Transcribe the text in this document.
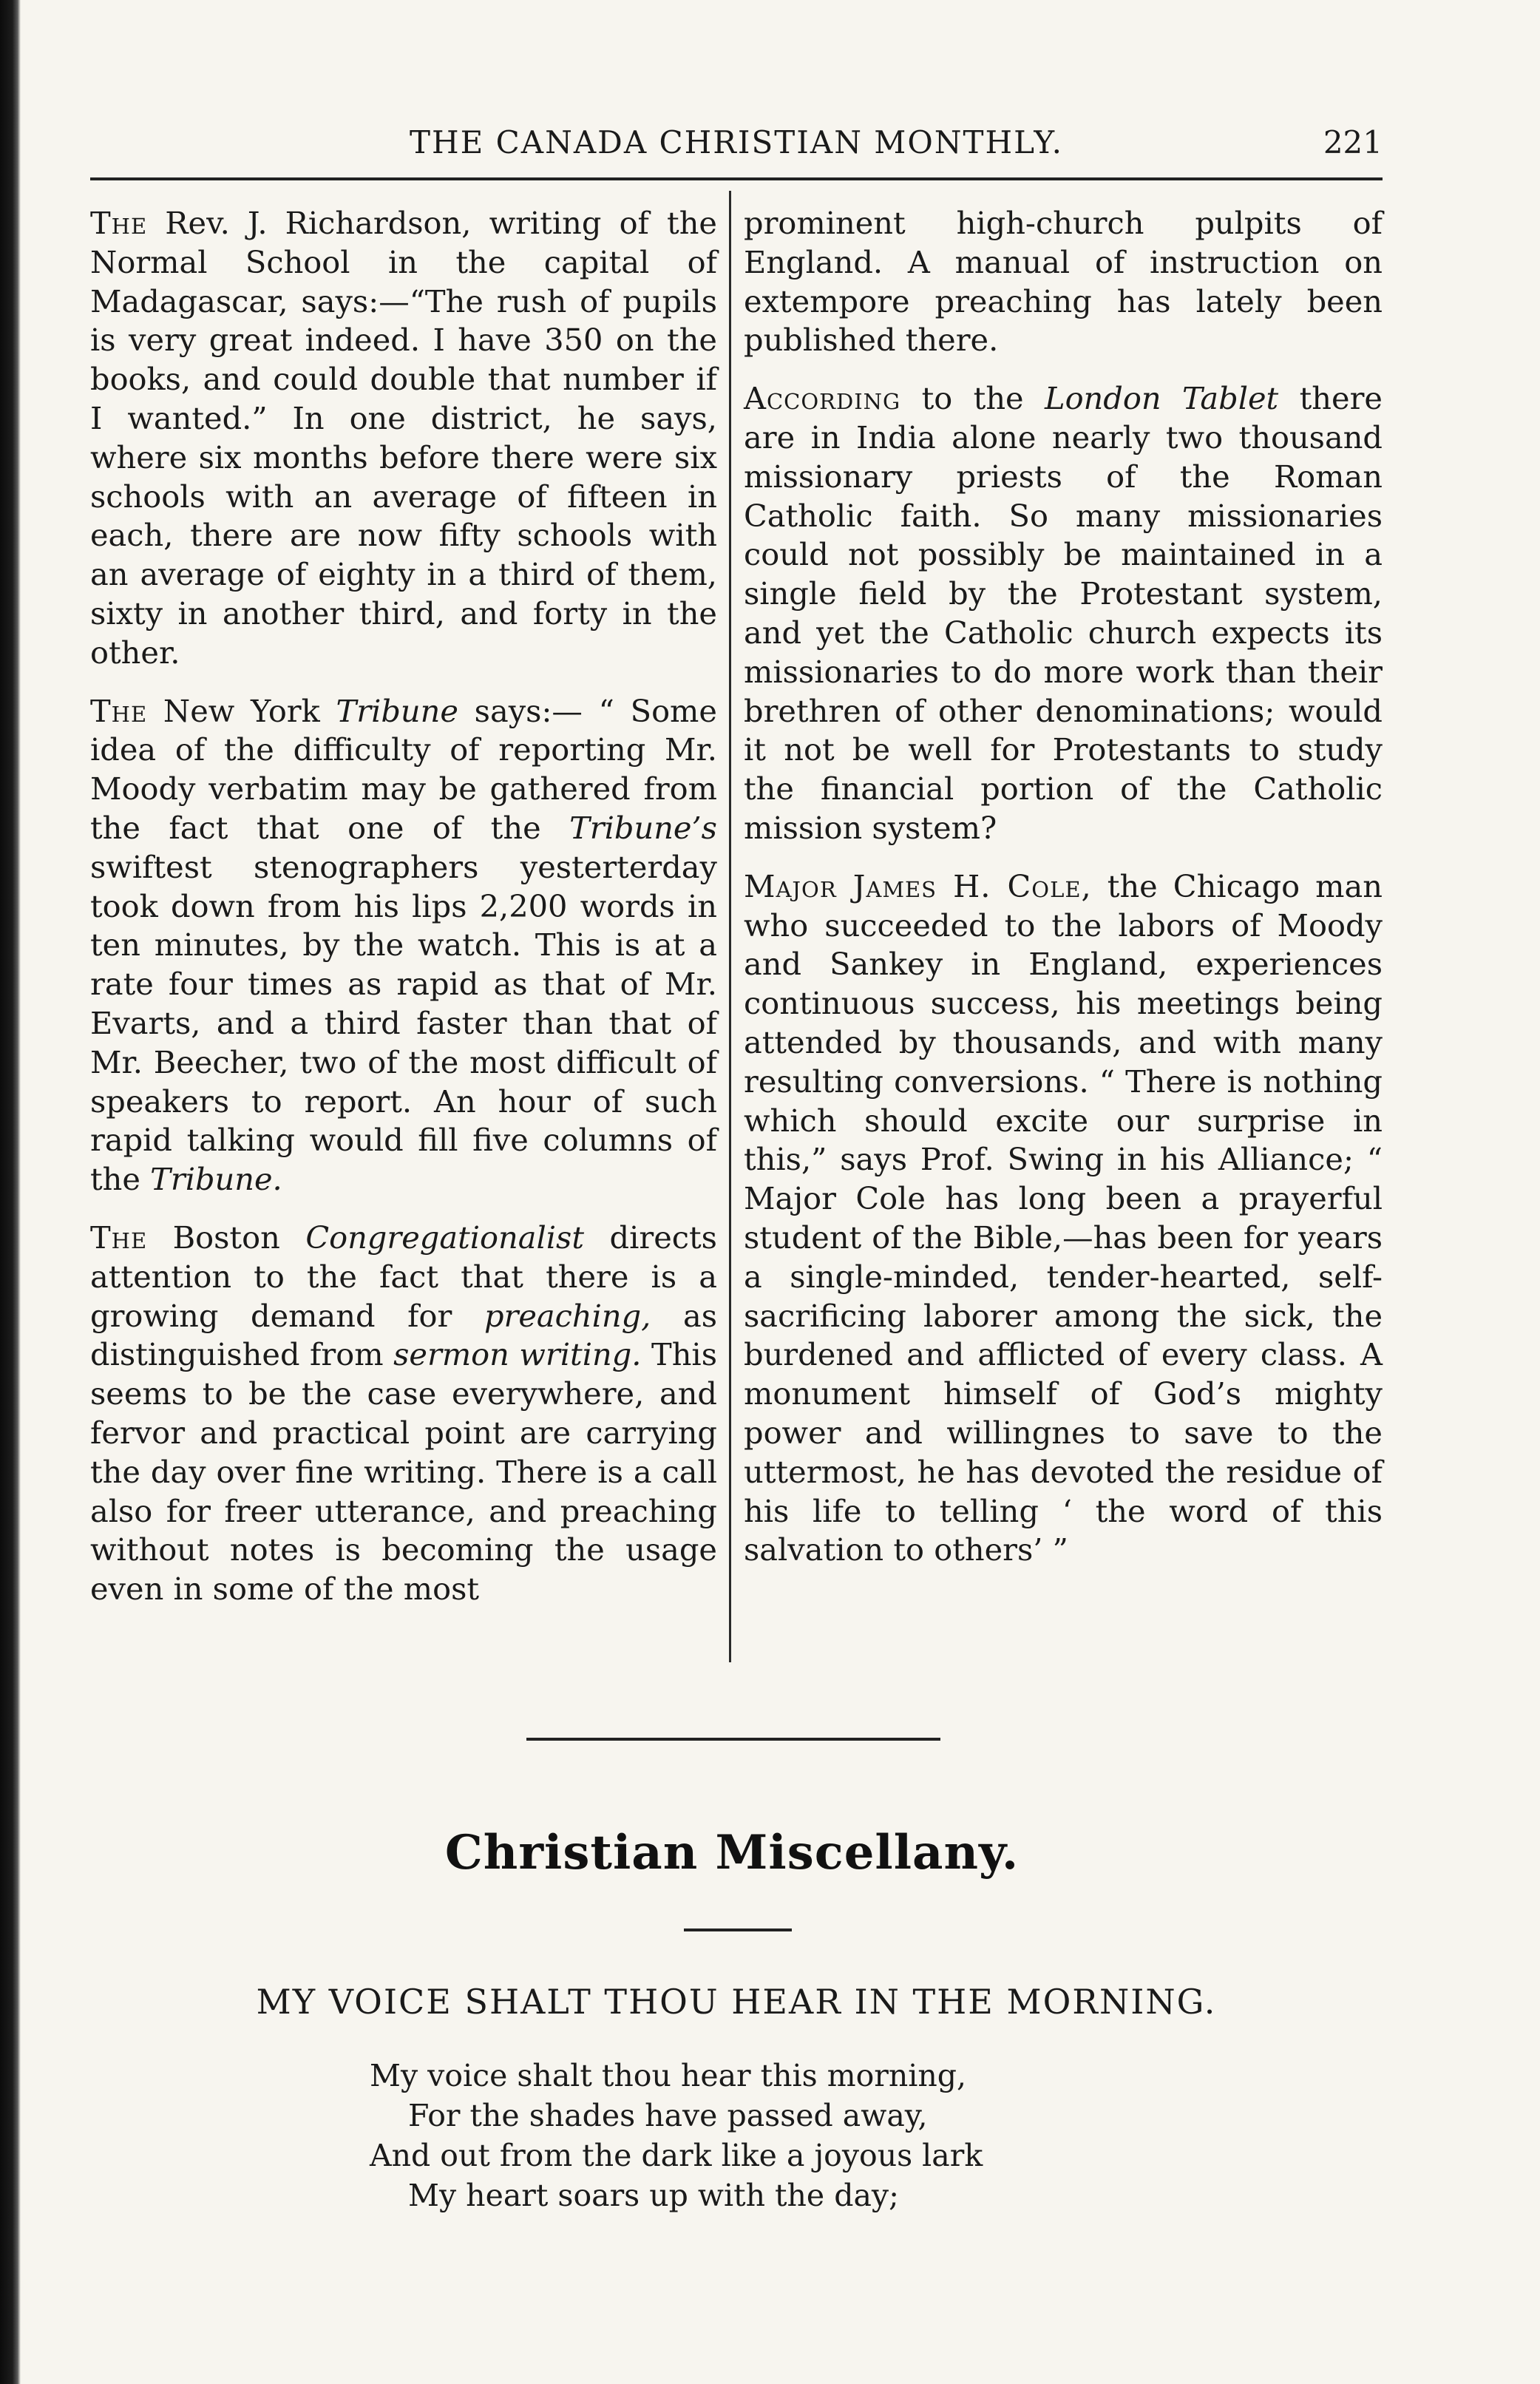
THE CANADA CHRISTIAN MONTHLY.	221

The Rev. J. Richardson, writing of the Normal School in the capital of Madagascar, says:—“The rush of pupils is very great indeed. I have 350 on the books, and could double that number if I wanted.” In one district, he says, where six months before there were six schools with an average of fifteen in each, there are now fifty schools with an average of eighty in a third of them, sixty in another third, and forty in the other.

The New York Tribune says:— “ Some idea of the difficulty of reporting Mr. Moody verbatim may be gathered from the fact that one of the Tribune’s swiftest stenographers yesterterday took down from his lips 2,200 words in ten minutes, by the watch. This is at a rate four times as rapid as that of Mr. Evarts, and a third faster than that of Mr. Beecher, two of the most difficult of speakers to report. An hour of such rapid talking would fill five columns of the Tribune.

The Boston Congregationalist directs attention to the fact that there is a growing demand for preaching, as distinguished from sermon writing. This seems to be the case everywhere, and fervor and practical point are carrying the day over fine writing. There is a call also for freer utterance, and preaching without notes is becoming the usage even in some of the most

prominent high-church pulpits of England. A manual of instruction on extempore preaching has lately been published there.

According to the London Tablet there are in India alone nearly two thousand missionary priests of the Roman Catholic faith. So many missionaries could not possibly be maintained in a single field by the Protestant system, and yet the Catholic church expects its missionaries to do more work than their brethren of other denominations; would it not be well for Protestants to study the financial portion of the Catholic mission system?

Major James H. Cole, the Chicago man who succeeded to the labors of Moody and Sankey in England, experiences continuous success, his meetings being attended by thousands, and with many resulting conversions. “ There is nothing which should excite our surprise in this,” says Prof. Swing in his Alliance; “ Major Cole has long been a prayerful student of the Bible,—has been for years a single-minded, tender-hearted, self-sacrificing laborer among the sick, the burdened and afflicted of every class. A monument himself of God’s mighty power and willingnes to save to the uttermost, he has devoted the residue of his life to telling ‘ the word of this salvation to others’ ”

Christian Miscellany.
MY VOICE SHALT THOU HEAR IN THE MORNING.
My voice shalt thou hear this morning,
For the shades have passed away,
And out from the dark like a joyous lark
My heart soars up with the day;
